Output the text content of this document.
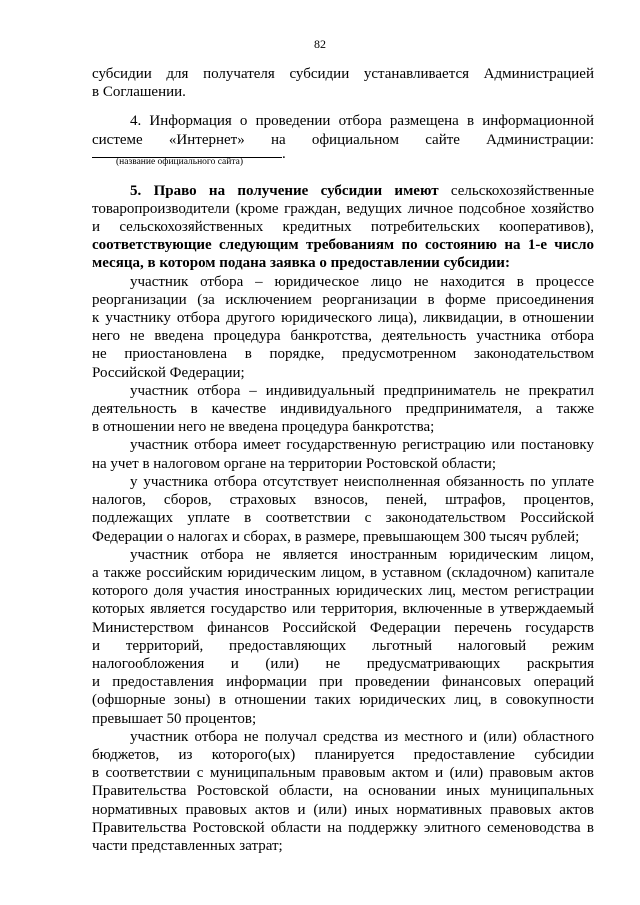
82
субсидии для получателя субсидии устанавливается Администрацией
в Соглашении.
4. Информация о проведении отбора размещена в информационной
системе «Интернет» на официальном сайте Администрации:
.
(название официального сайта)
5. Право на получение субсидии имеют сельскохозяйственные
товаропроизводители (кроме граждан, ведущих личное подсобное хозяйство
и сельскохозяйственных кредитных потребительских кооперативов),
соответствующие следующим требованиям по состоянию на 1-е число
месяца, в котором подана заявка о предоставлении субсидии:
участник отбора – юридическое лицо не находится в процессе
реорганизации (за исключением реорганизации в форме присоединения
к участнику отбора другого юридического лица), ликвидации, в отношении
него не введена процедура банкротства, деятельность участника отбора
не приостановлена в порядке, предусмотренном законодательством
Российской Федерации;
участник отбора – индивидуальный предприниматель не прекратил
деятельность в качестве индивидуального предпринимателя, а также
в отношении него не введена процедура банкротства;
участник отбора имеет государственную регистрацию или постановку
на учет в налоговом органе на территории Ростовской области;
у участника отбора отсутствует неисполненная обязанность по уплате
налогов, сборов, страховых взносов, пеней, штрафов, процентов,
подлежащих уплате в соответствии с законодательством Российской
Федерации о налогах и сборах, в размере, превышающем 300 тысяч рублей;
участник отбора не является иностранным юридическим лицом,
а также российским юридическим лицом, в уставном (складочном) капитале
которого доля участия иностранных юридических лиц, местом регистрации
которых является государство или территория, включенные в утверждаемый
Министерством финансов Российской Федерации перечень государств
и территорий, предоставляющих льготный налоговый режим
налогообложения и (или) не предусматривающих раскрытия
и предоставления информации при проведении финансовых операций
(офшорные зоны) в отношении таких юридических лиц, в совокупности
превышает 50 процентов;
участник отбора не получал средства из местного и (или) областного
бюджетов, из которого(ых) планируется предоставление субсидии
в соответствии с муниципальным правовым актом и (или) правовым актов
Правительства Ростовской области, на основании иных муниципальных
нормативных правовых актов и (или) иных нормативных правовых актов
Правительства Ростовской области на поддержку элитного семеноводства в
части представленных затрат;
